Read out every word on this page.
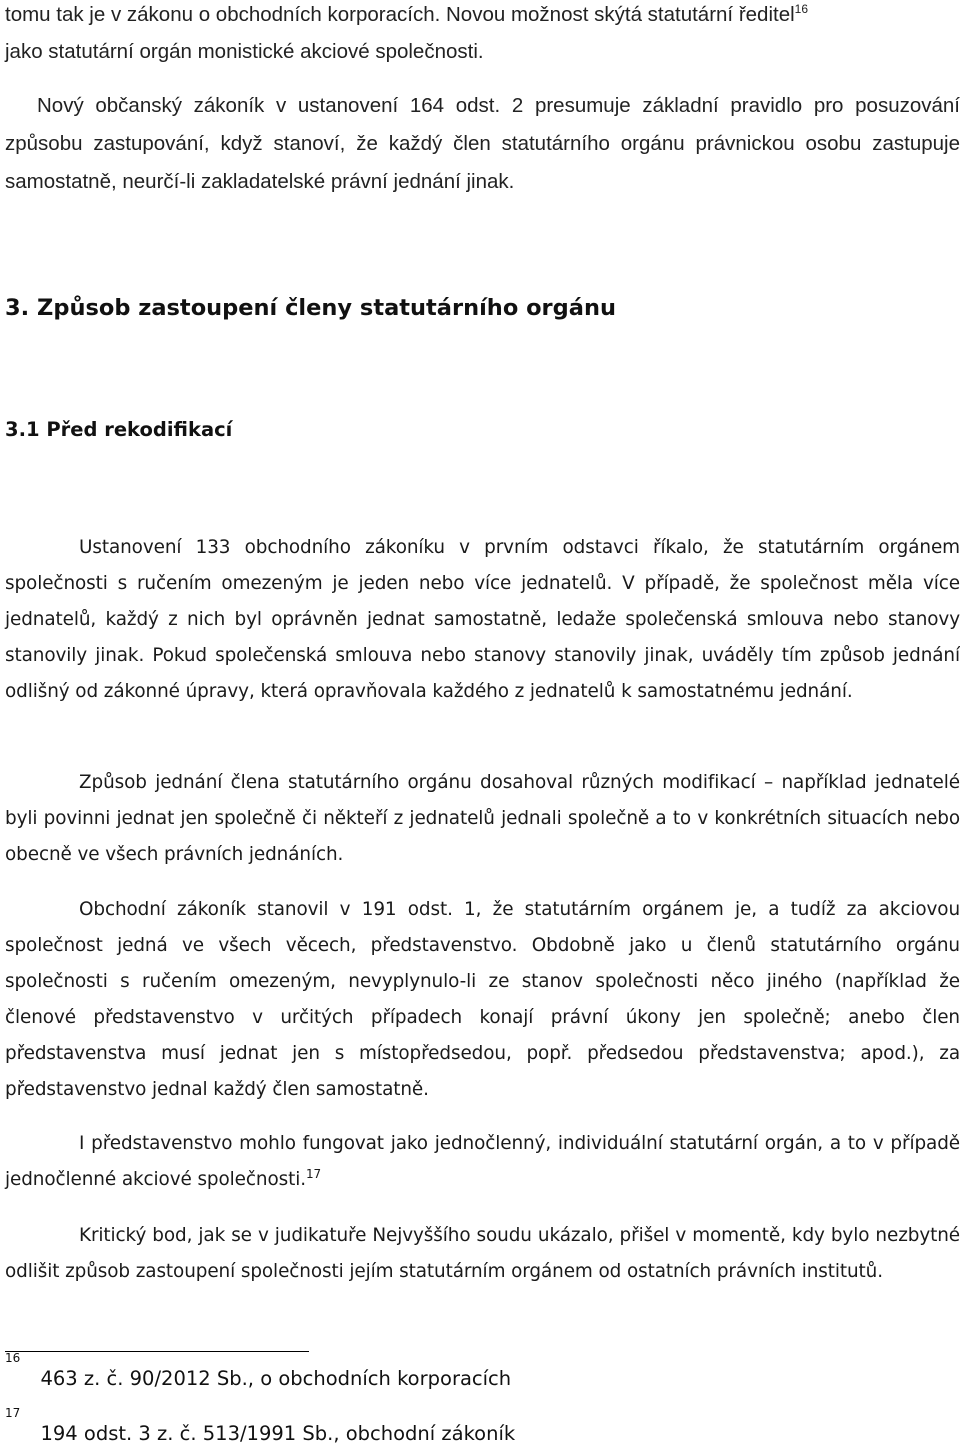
tomu tak je v zákonu o obchodních korporacích. Novou možnost skýtá statutární ředitel$^{16}$
jako statutární orgán monistické akciové společnosti.

Nový občanský zákoník v ustanovení 164 odst. 2 presumuje základní pravidlo pro posuzování způsobu zastupování, když stanoví, že každý člen statutárního orgánu právnickou osobu zastupuje samostatně, neurčí-li zakladatelské právní jednání jinak.

3. Způsob zastoupení členy statutárního orgánu
3.1 Před rekodifikací

Ustanovení 133 obchodního zákoníku v prvním odstavci říkalo, že statutárním orgánem společnosti s ručením omezeným je jeden nebo více jednatelů. V případě, že společnost měla více jednatelů, každý z nich byl oprávněn jednat samostatně, ledaže společenská smlouva nebo stanovy stanovily jinak. Pokud společenská smlouva nebo stanovy stanovily jinak, uváděly tím způsob jednání odlišný od zákonné úpravy, která opravňovala každého z jednatelů k samostatnému jednání.

Způsob jednání člena statutárního orgánu dosahoval různých modifikací – například jednatelé byli povinni jednat jen společně či někteří z jednatelů jednali společně a to v konkrétních situacích nebo obecně ve všech právních jednáních.

Obchodní zákoník stanovil v 191 odst. 1, že statutárním orgánem je, a tudíž za akciovou společnost jedná ve všech věcech, představenstvo. Obdobně jako u členů statutárního orgánu společnosti s ručením omezeným, nevyplynulo-li ze stanov společnosti něco jiného (například že členové představenstvo v určitých případech konají právní úkony jen společně; anebo člen představenstva musí jednat jen s místopředsedou, popř. předsedou představenstva; apod.), za představenstvo jednal každý člen samostatně.

I představenstvo mohlo fungovat jako jednočlenný, individuální statutární orgán, a to v případě jednočlenné akciové společnosti.$^{17}$

Kritický bod, jak se v judikatuře Nejvyššího soudu ukázalo, přišel v momentě, kdy bylo nezbytné odlišit způsob zastoupení společnosti jejím statutárním orgánem od ostatních právních institutů.

$^{16}$ 463 z. č. 90/2012 Sb., o obchodních korporacích
$^{17}$ 194 odst. 3 z. č. 513/1991 Sb., obchodní zákoník
